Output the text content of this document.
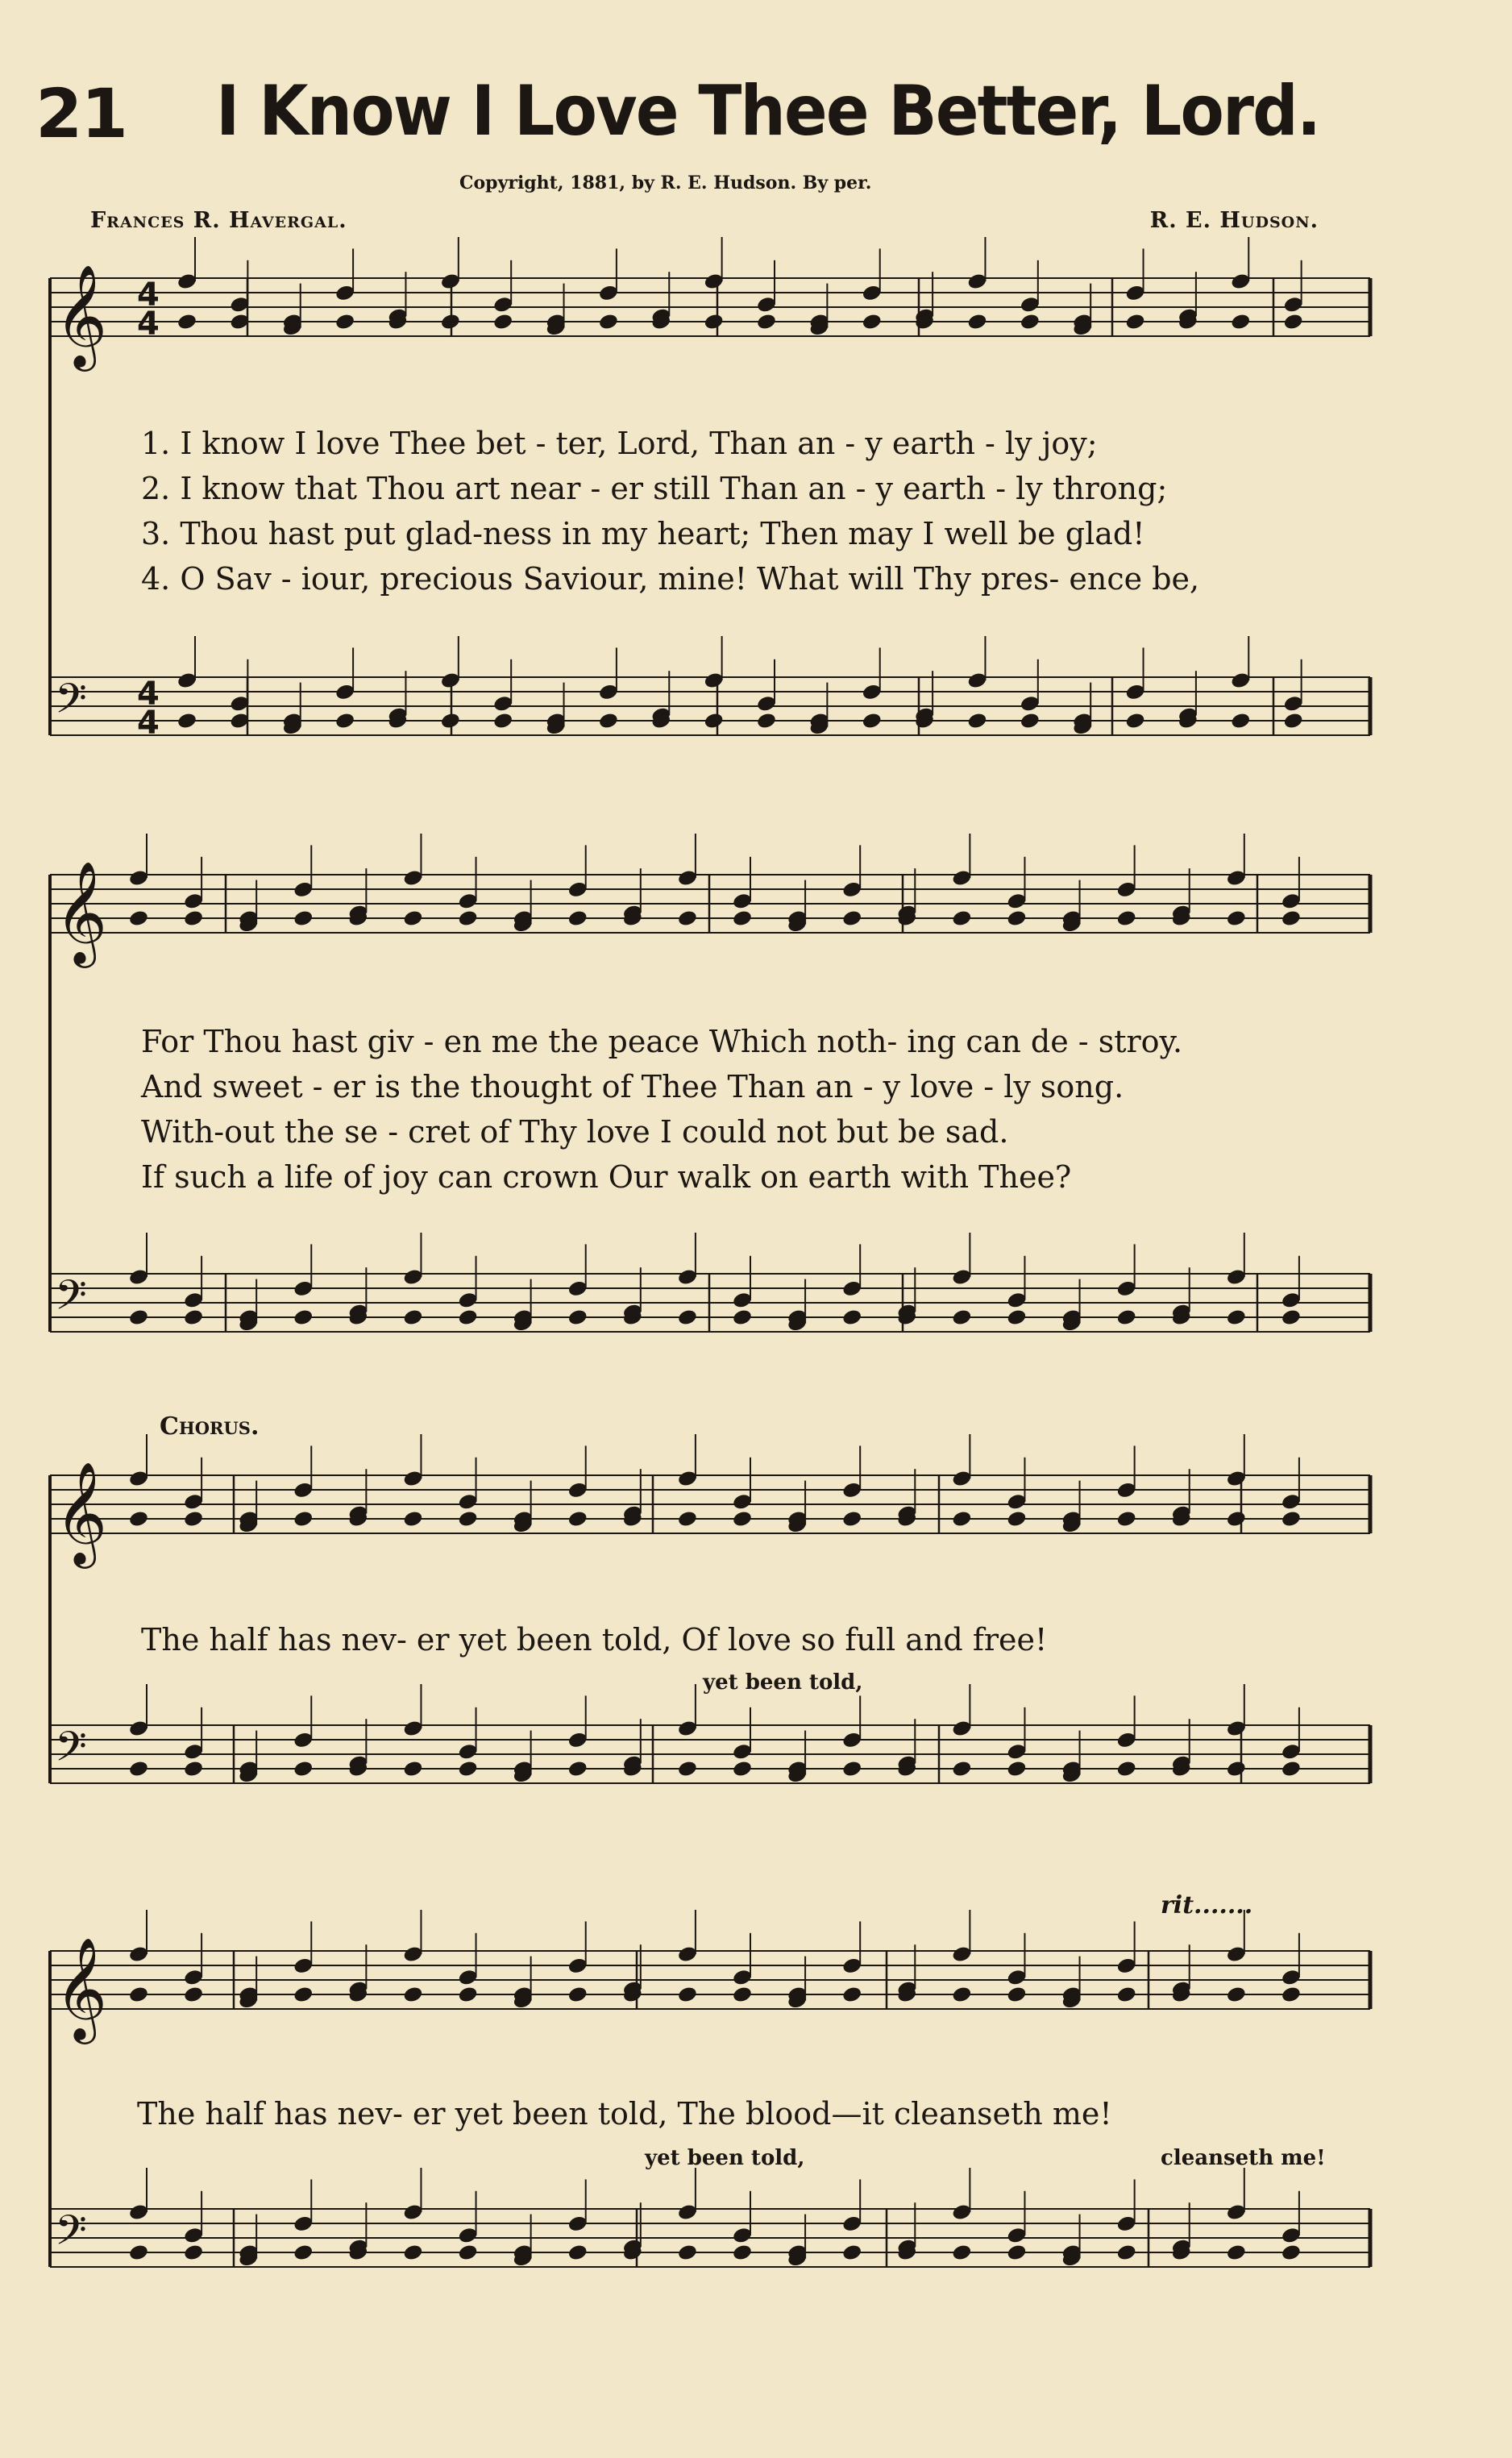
21 I Know I Love Thee Better, Lord.
Copyright, 1881, by R. E. Hudson. By per.
Frances R. Havergal.	R. E. Hudson.
𝄞 4
4
𝄢 4
4
𝄞
𝄢
𝄞
𝄢
𝄞
𝄢
1. I know I love Thee bet - ter, Lord, Than an - y earth - ly joy;
2. I know that Thou art near - er still Than an - y earth - ly throng;
3. Thou hast put glad-ness in my heart; Then may I well be glad!
4. O Sav - iour, precious Saviour, mine! What will Thy pres- ence be,
For Thou hast giv - en me the peace Which noth- ing can de - stroy.
And sweet - er is the thought of Thee Than an - y love - ly song.
With-out the se - cret of Thy love I could not but be sad.
If such a life of joy can crown Our walk on earth with Thee?
Chorus.
The half has nev- er yet been told, Of love so full and free!
yet been told,
rit.......
The half has nev- er yet been told, The blood—it cleanseth me!
yet been told,	cleanseth me!
